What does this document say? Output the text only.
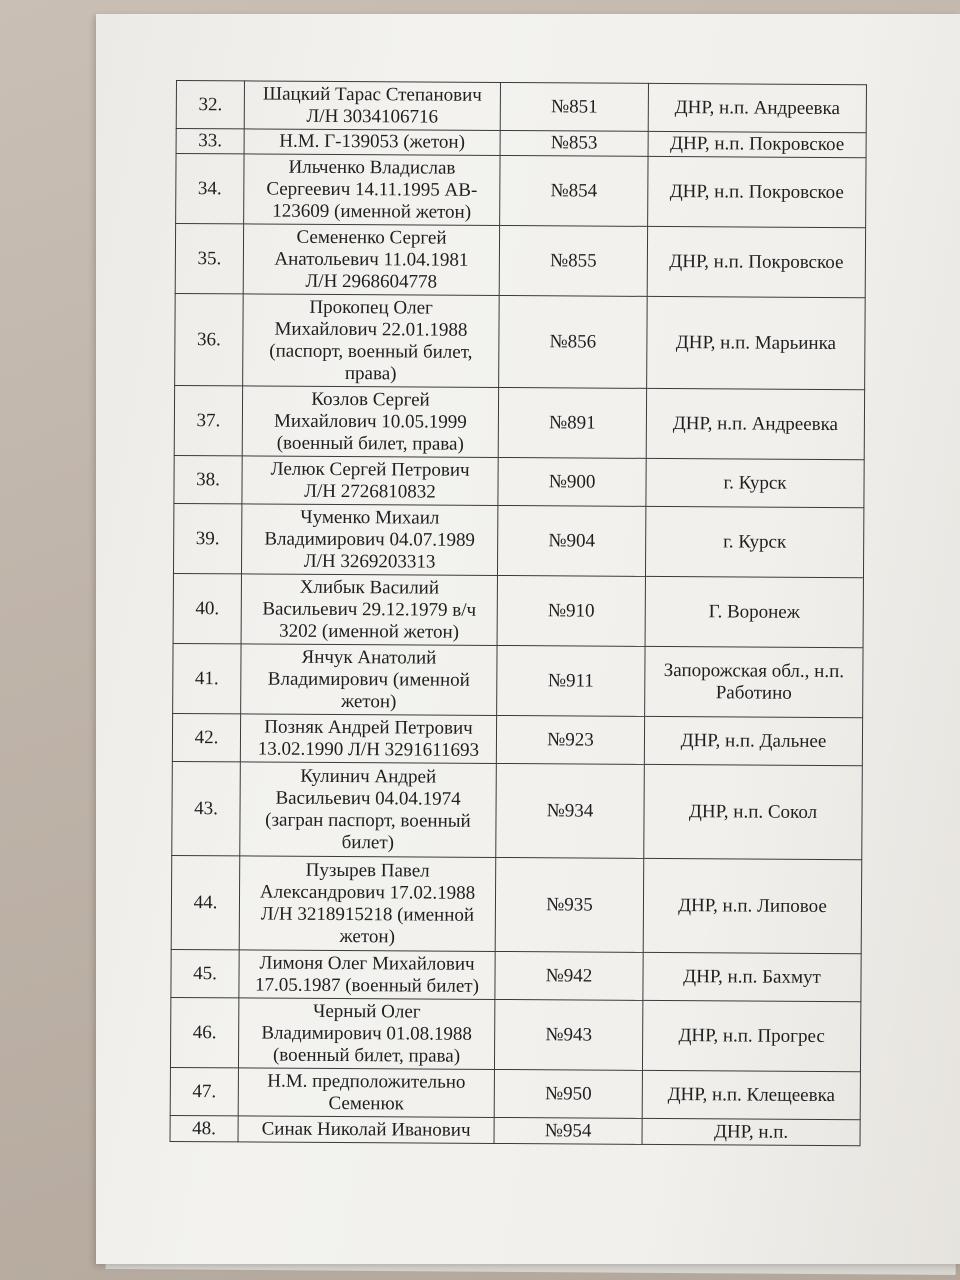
32.	Шацкий Тарас Степанович
Л/Н 3034106716	№851	ДНР, н.п. Андреевка
33.	Н.М. Г-139053 (жетон)	№853	ДНР, н.п. Покровское
34.	Ильченко Владислав
Сергеевич 14.11.1995 АВ-
123609 (именной жетон)	№854	ДНР, н.п. Покровское
35.	Семененко Сергей
Анатольевич 11.04.1981
Л/Н 2968604778	№855	ДНР, н.п. Покровское
36.	Прокопец Олег
Михайлович 22.01.1988
(паспорт, военный билет,
права)	№856	ДНР, н.п. Марьинка
37.	Козлов Сергей
Михайлович 10.05.1999
(военный билет, права)	№891	ДНР, н.п. Андреевка
38.	Лелюк Сергей Петрович
Л/Н 2726810832	№900	г. Курск
39.	Чуменко Михаил
Владимирович 04.07.1989
Л/Н 3269203313	№904	г. Курск
40.	Хлибык Василий
Васильевич 29.12.1979 в/ч
3202 (именной жетон)	№910	Г. Воронеж
41.	Янчук Анатолий
Владимирович (именной
жетон)	№911	Запорожская обл., н.п.
Работино
42.	Позняк Андрей Петрович
13.02.1990 Л/Н 3291611693	№923	ДНР, н.п. Дальнее
43.	Кулинич Андрей
Васильевич 04.04.1974
(загран паспорт, военный
билет)	№934	ДНР, н.п. Сокол
44.	Пузырев Павел
Александрович 17.02.1988
Л/Н 3218915218 (именной
жетон)	№935	ДНР, н.п. Липовое
45.	Лимоня Олег Михайлович
17.05.1987 (военный билет)	№942	ДНР, н.п. Бахмут
46.	Черный Олег
Владимирович 01.08.1988
(военный билет, права)	№943	ДНР, н.п. Прогрес
47.	Н.М. предположительно
Семенюк	№950	ДНР, н.п. Клещеевка
48.	Синак Николай Иванович	№954	ДНР, н.п.
